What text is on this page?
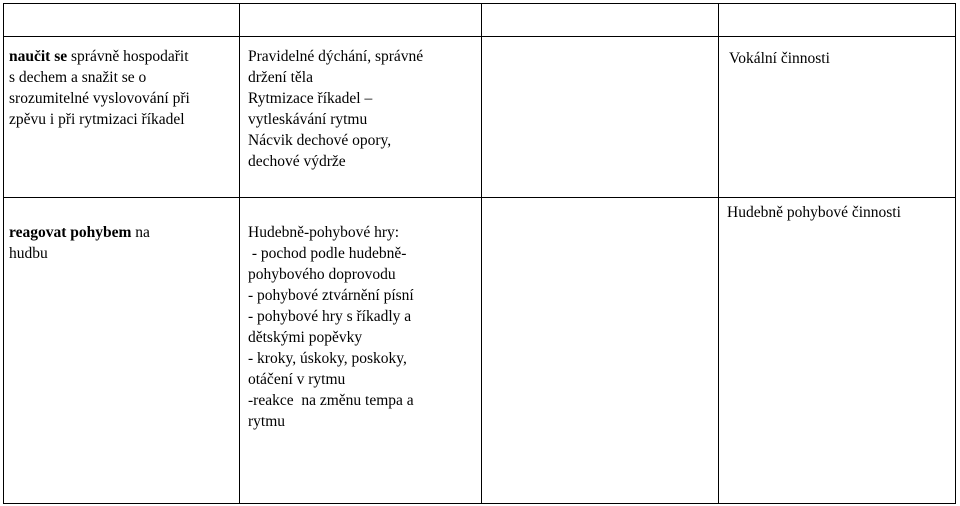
naučit se správně hospodařit
s dechem a snažit se o
srozumitelné vyslovování při
zpěvu i při rytmizaci říkadel
Pravidelné dýchání, správné
držení těla
Rytmizace říkadel –
vytleskávání rytmu
Nácvik dechové opory,
dechové výdrže
Vokální činnosti
reagovat pohybem na
hudbu
Hudebně-pohybové hry:
- pochod podle hudebně-
pohybového doprovodu
- pohybové ztvárnění písní
- pohybové hry s říkadly a
dětskými popěvky
- kroky, úskoky, poskoky,
otáčení v rytmu
-reakce  na změnu tempa a
rytmu
Hudebně pohybové činnosti
